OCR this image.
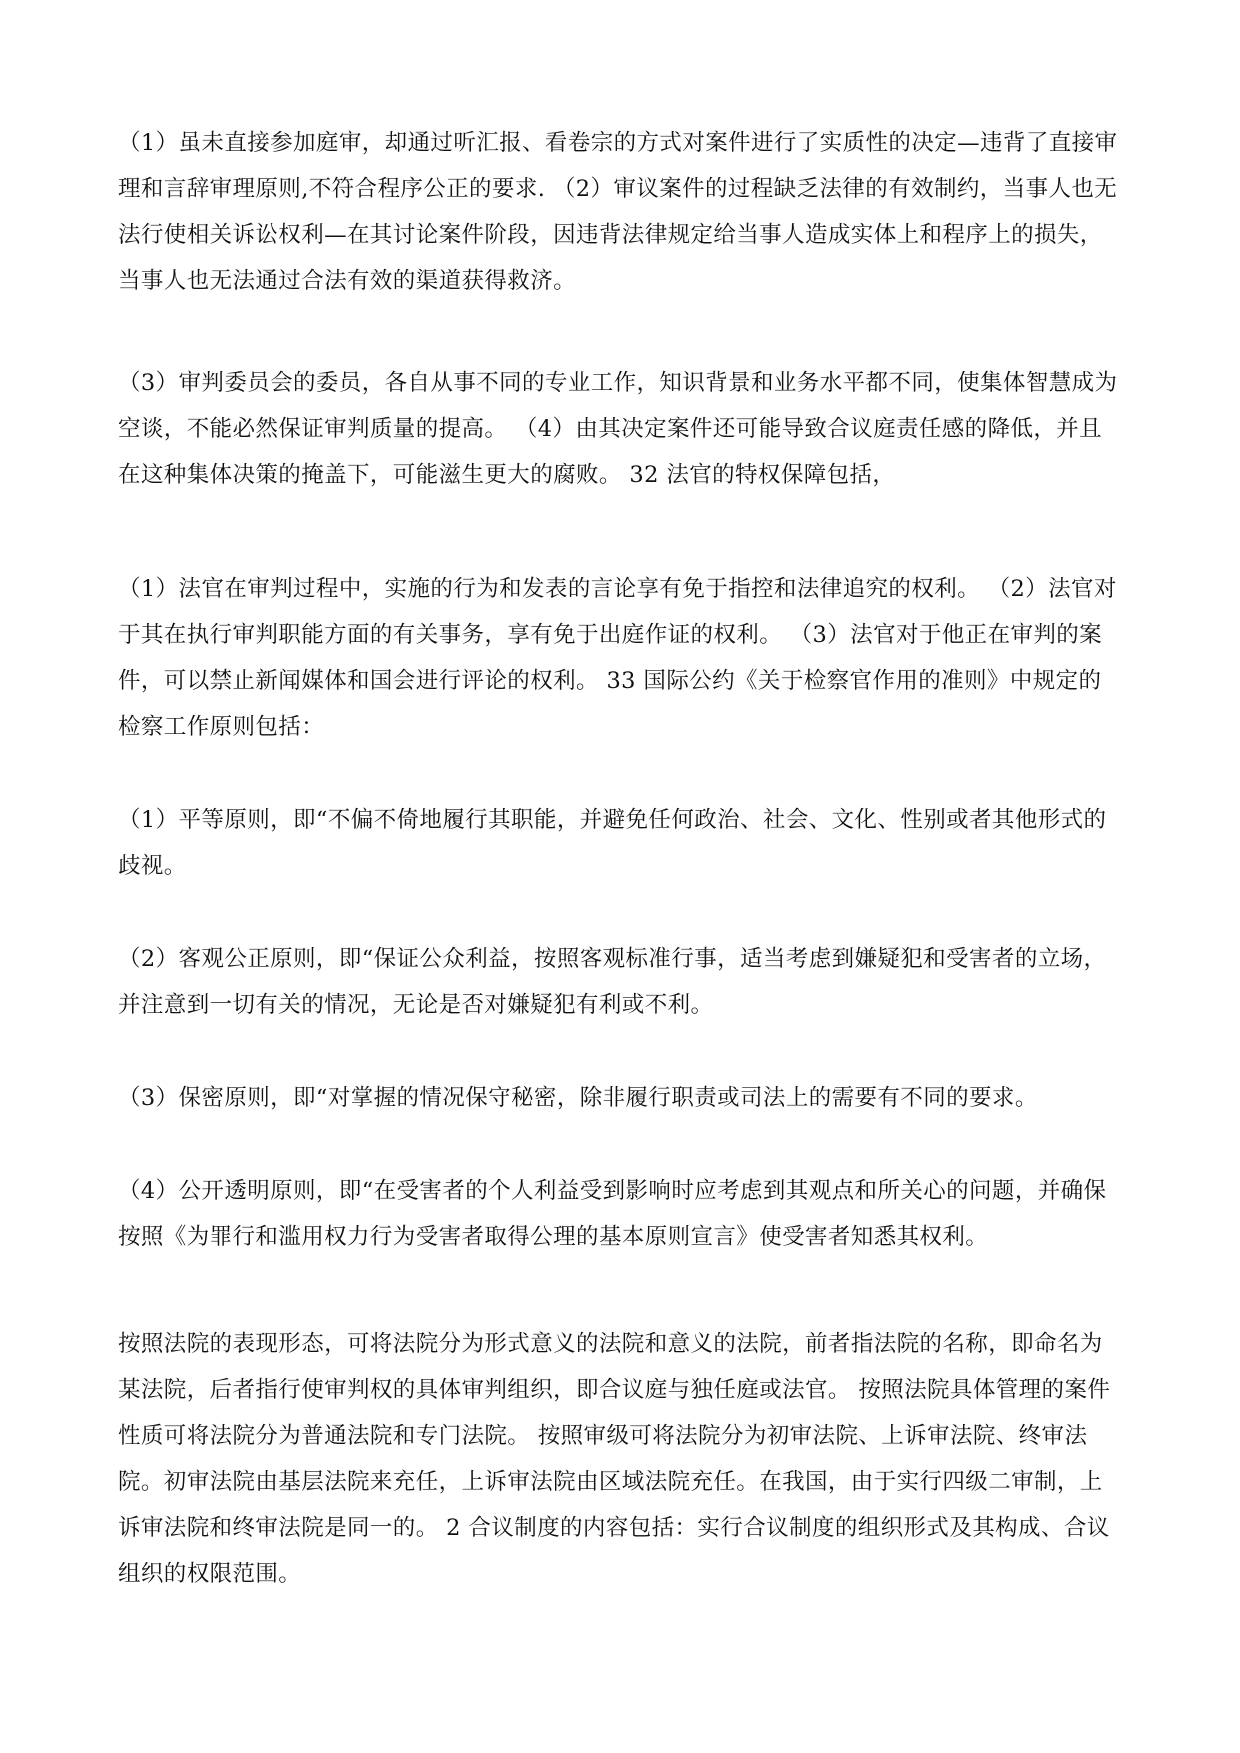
（1）虽未直接参加庭审，却通过听汇报、看卷宗的方式对案件进行了实质性的决定—违背了直接审理和言辞审理原则,不符合程序公正的要求. （2）审议案件的过程缺乏法律的有效制约，当事人也无法行使相关诉讼权利—在其讨论案件阶段，因违背法律规定给当事人造成实体上和程序上的损失，当事人也无法通过合法有效的渠道获得救济。

（3）审判委员会的委员，各自从事不同的专业工作，知识背景和业务水平都不同，使集体智慧成为空谈，不能必然保证审判质量的提高。 （4）由其决定案件还可能导致合议庭责任感的降低，并且在这种集体决策的掩盖下，可能滋生更大的腐败。 32 法官的特权保障包括，

（1）法官在审判过程中，实施的行为和发表的言论享有免于指控和法律追究的权利。 （2）法官对于其在执行审判职能方面的有关事务，享有免于出庭作证的权利。 （3）法官对于他正在审判的案件，可以禁止新闻媒体和国会进行评论的权利。 33 国际公约《关于检察官作用的准则》中规定的检察工作原则包括：

（1）平等原则，即“不偏不倚地履行其职能，并避免任何政治、社会、文化、性别或者其他形式的歧视。

（2）客观公正原则，即“保证公众利益，按照客观标准行事，适当考虑到嫌疑犯和受害者的立场，并注意到一切有关的情况，无论是否对嫌疑犯有利或不利。

（3）保密原则，即“对掌握的情况保守秘密，除非履行职责或司法上的需要有不同的要求。

（4）公开透明原则，即“在受害者的个人利益受到影响时应考虑到其观点和所关心的问题，并确保按照《为罪行和滥用权力行为受害者取得公理的基本原则宣言》使受害者知悉其权利。

按照法院的表现形态，可将法院分为形式意义的法院和意义的法院，前者指法院的名称，即命名为某法院，后者指行使审判权的具体审判组织，即合议庭与独任庭或法官。 按照法院具体管理的案件性质可将法院分为普通法院和专门法院。 按照审级可将法院分为初审法院、上诉审法院、终审法院。初审法院由基层法院来充任，上诉审法院由区域法院充任。在我国，由于实行四级二审制，上诉审法院和终审法院是同一的。 2 合议制度的内容包括：实行合议制度的组织形式及其构成、合议组织的权限范围。
